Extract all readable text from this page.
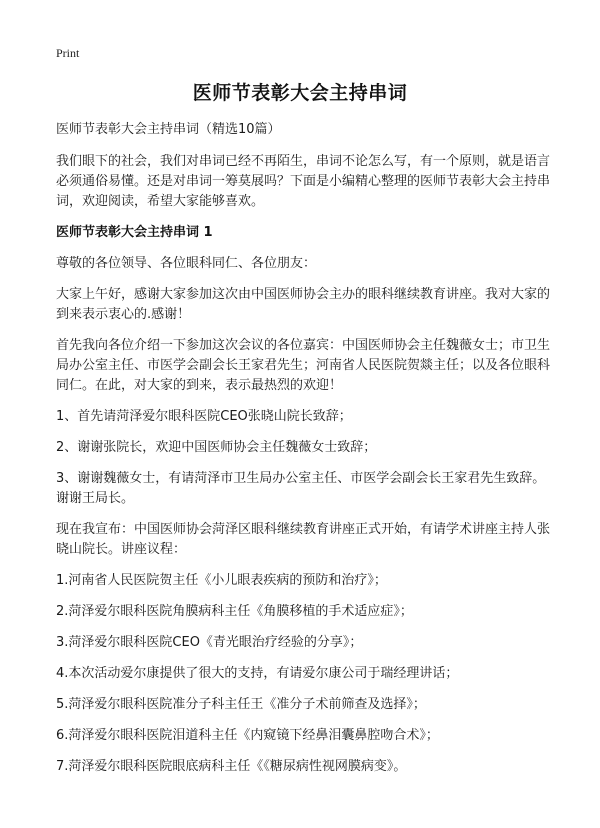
Print
医师节表彰大会主持串词

医师节表彰大会主持串词（精选10篇）

我们眼下的社会，我们对串词已经不再陌生，串词不论怎么写，有一个原则，就是语言必须通俗易懂。还是对串词一筹莫展吗？下面是小编精心整理的医师节表彰大会主持串词，欢迎阅读，希望大家能够喜欢。

医师节表彰大会主持串词 1

尊敬的各位领导、各位眼科同仁、各位朋友：

大家上午好，感谢大家参加这次由中国医师协会主办的眼科继续教育讲座。我对大家的到来表示衷心的.感谢！

首先我向各位介绍一下参加这次会议的各位嘉宾：中国医师协会主任魏薇女士；市卫生局办公室主任、市医学会副会长王家君先生；河南省人民医院贺燚主任；以及各位眼科同仁。在此，对大家的到来，表示最热烈的欢迎！

1、首先请菏泽爱尔眼科医院CEO张晓山院长致辞；

2、谢谢张院长，欢迎中国医师协会主任魏薇女士致辞；

3、谢谢魏薇女士，有请菏泽市卫生局办公室主任、市医学会副会长王家君先生致辞。谢谢王局长。

现在我宣布：中国医师协会菏泽区眼科继续教育讲座正式开始，有请学术讲座主持人张晓山院长。讲座议程：

1.河南省人民医院贺主任《小儿眼表疾病的预防和治疗》；

2.菏泽爱尔眼科医院角膜病科主任《角膜移植的手术适应症》；

3.菏泽爱尔眼科医院CEO《青光眼治疗经验的分享》；

4.本次活动爱尔康提供了很大的支持，有请爱尔康公司于瑞经理讲话；

5.菏泽爱尔眼科医院准分子科主任王《准分子术前筛查及选择》；

6.菏泽爱尔眼科医院泪道科主任《内窥镜下经鼻泪囊鼻腔吻合术》；

7.菏泽爱尔眼科医院眼底病科主任《《糖尿病性视网膜病变》。
